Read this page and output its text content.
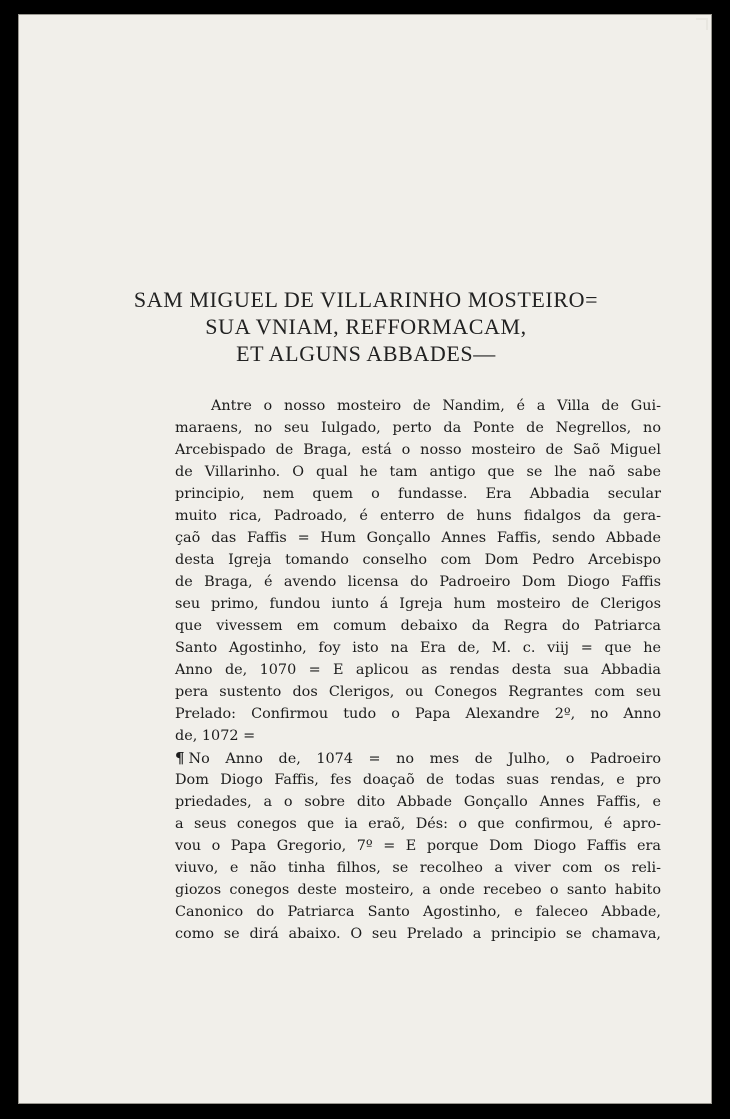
SAM MIGUEL DE VILLARINHO MOSTEIRO=
SUA VNIAM, REFFORMACAM,
ET ALGUNS ABBADES—
Antre o nosso mosteiro de Nandim, é a Villa de Gui-
maraens, no seu Iulgado, perto da Ponte de Negrellos, no
Arcebispado de Braga, está o nosso mosteiro de Saõ Miguel
de Villarinho. O qual he tam antigo que se lhe naõ sabe
principio, nem quem o fundasse. Era Abbadia secular
muito rica, Padroado, é enterro de huns fidalgos da gera-
çaõ das Faffis = Hum Gonçallo Annes Faffis, sendo Abbade
desta Igreja tomando conselho com Dom Pedro Arcebispo
de Braga, é avendo licensa do Padroeiro Dom Diogo Faffis
seu primo, fundou iunto á Igreja hum mosteiro de Clerigos
que vivessem em comum debaixo da Regra do Patriarca
Santo Agostinho, foy isto na Era de, M. c. viij = que he
Anno de, 1070 = E aplicou as rendas desta sua Abbadia
pera sustento dos Clerigos, ou Conegos Regrantes com seu
Prelado: Confirmou tudo o Papa Alexandre 2º, no Anno
de, 1072 =
¶ No Anno de, 1074 = no mes de Julho, o Padroeiro
Dom Diogo Faffis, fes doaçaõ de todas suas rendas, e pro
priedades, a o sobre dito Abbade Gonçallo Annes Faffis, e
a seus conegos que ia eraõ, Dés: o que confirmou, é apro-
vou o Papa Gregorio, 7º = E porque Dom Diogo Faffis era
viuvo, e não tinha filhos, se recolheo a viver com os reli-
giozos conegos deste mosteiro, a onde recebeo o santo habito
Canonico do Patriarca Santo Agostinho, e faleceo Abbade,
como se dirá abaixo. O seu Prelado a principio se chamava,
